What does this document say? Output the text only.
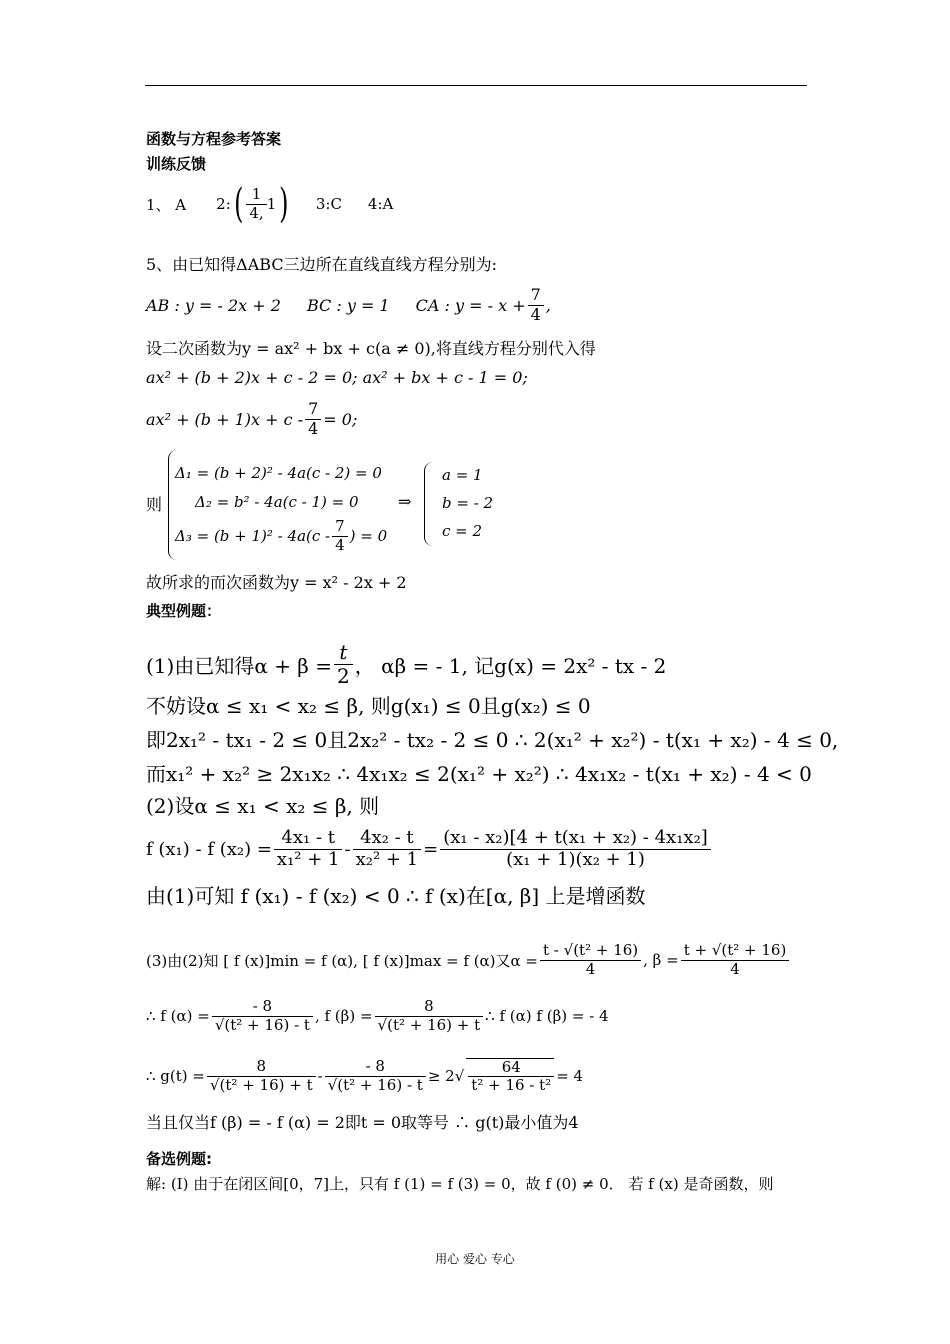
函数与方程参考答案
训练反馈
1、 A 2: ( $\frac{1}{4,} 1$ ) 3:C 4:A
5、由已知得ΔABC三边所在直线直线方程分别为:
AB : y = - 2x + 2 BC : y = 1 CA : y = - $x + \frac{7}{4}$ ,
设二次函数为y = ax² + bx + c(a ≠ 0),将直线方程分别代入得
ax² + (b + 2)x + c - 2 = 0; ax² + bx + c - 1 = 0;
$ax^2 + (b + 1)x + c - \frac{7}{4} = 0$;
则
Δ₁ = (b + 2)² - 4a(c - 2) = 0
Δ₂ = b² - 4a(c - 1) = 0
$\Delta_3 = (b + 1)^2 - 4a(c - \frac{7}{4}$ ) = 0
⇒
a = 1
b = - 2
c = 2
故所求的而次函数为y = x² - 2x + 2
典型例题：
(1)由已知得$\alpha + \beta = \frac{t}{2}$ ， αβ = - 1, 记g(x) = 2x² - tx - 2
不妨设α ≤ x₁ < x₂ ≤ β, 则g(x₁) ≤ 0且g(x₂) ≤ 0
即2x₁² - tx₁ - 2 ≤ 0且2x₂² - tx₂ - 2 ≤ 0 ∴ 2(x₁² + x₂²) - t(x₁ + x₂) - 4 ≤ 0,
而x₁² + x₂² ≥ 2x₁x₂ ∴ 4x₁x₂ ≤ 2(x₁² + x₂²) ∴ 4x₁x₂ - t(x₁ + x₂) - 4 < 0
(2)设α ≤ x₁ < x₂ ≤ β, 则
f (x₁) - f $(x_2) = \frac{\text{4x₁ - t}}{\text{x₁² + 1}} - \frac{\text{4x₂ - t}}{\text{x₂² + 1}} = \frac{\text{(x₁ - x₂)[4 + t(x₁ + x₂) - 4x₁x₂]}}{\text{(x₁ + 1)(x₂ + 1)}}$
由(1)可知 f (x₁) - f (x₂) < 0 ∴ f (x)在[α, β] 上是增函数
(3)由(2)知 [ f (x)]min = f (α), [ f (x)]max = f (α)又$\alpha = \frac{\text{t - √(t² + 16)}}{4}$ , $\beta = \frac{\text{t + √(t² + 16)}}{4}$
∴ f $(\alpha) = \frac{- 8}{\text{√(t² + 16) - t}}$ , f $(\beta) = \frac{8}{\text{√(t² + 16) + t}}$ ∴ f (α) f (β) = - 4
∴ $g(t) = \frac{8}{\text{√(t² + 16) + t}} - \frac{- 8}{\text{√(t² + 16) - t}} \ge 2√ \frac{64}{\text{t² + 16 - t²}} = 4$
当且仅当f (β) = - f (α) = 2即t = 0取等号 ∴ g(t)最小值为4
备选例题:
解: (I) 由于在闭区间[0，7]上，只有 f (1) = f (3) = 0，故 f (0) ≠ 0． 若 f (x) 是奇函数，则
用心 爱心 专心
